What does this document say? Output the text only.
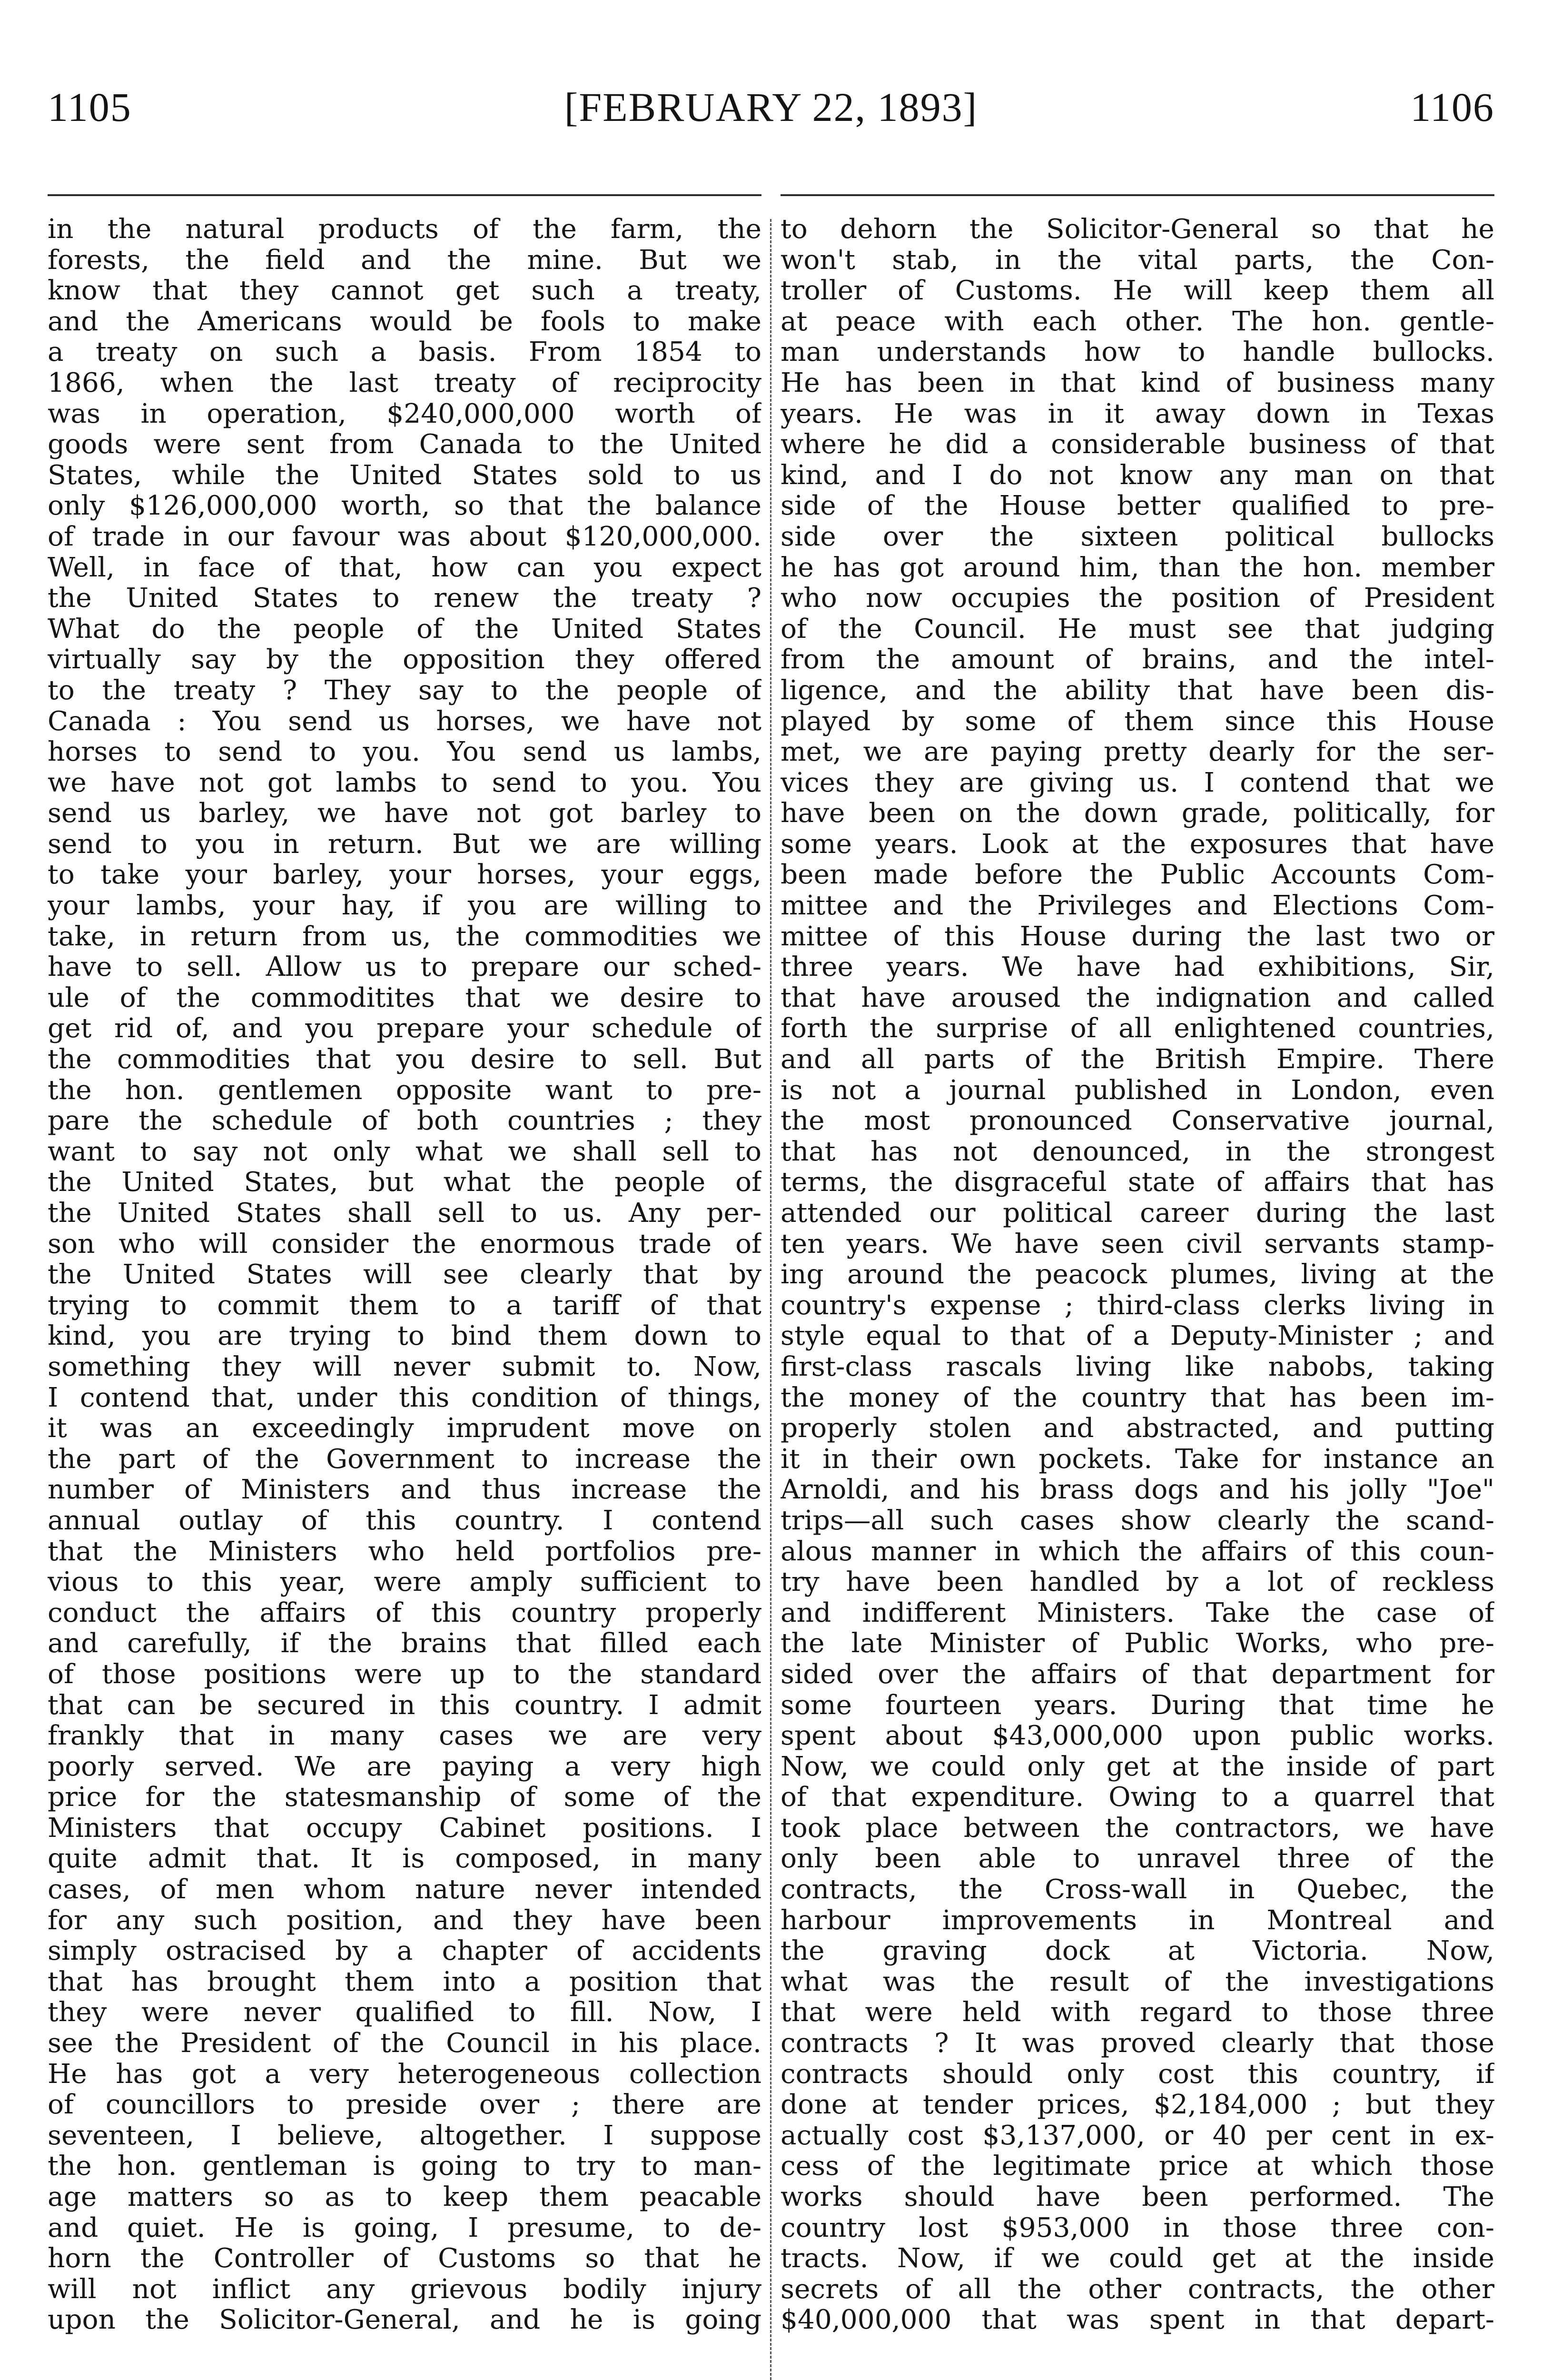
1105	[FEBRUARY 22, 1893]	1106
in the natural products of the farm, the
forests, the field and the mine. But we
know that they cannot get such a treaty,
and the Americans would be fools to make
a treaty on such a basis. From 1854 to
1866, when the last treaty of reciprocity
was in operation, $240,000,000 worth of
goods were sent from Canada to the United
States, while the United States sold to us
only $126,000,000 worth, so that the balance
of trade in our favour was about $120,000,000.
Well, in face of that, how can you expect
the United States to renew the treaty ?
What do the people of the United States
virtually say by the opposition they offered
to the treaty ? They say to the people of
Canada : You send us horses, we have not
horses to send to you. You send us lambs,
we have not got lambs to send to you. You
send us barley, we have not got barley to
send to you in return. But we are willing
to take your barley, your horses, your eggs,
your lambs, your hay, if you are willing to
take, in return from us, the commodities we
have to sell. Allow us to prepare our sched-
ule of the commoditites that we desire to
get rid of, and you prepare your schedule of
the commodities that you desire to sell. But
the hon. gentlemen opposite want to pre-
pare the schedule of both countries ; they
want to say not only what we shall sell to
the United States, but what the people of
the United States shall sell to us. Any per-
son who will consider the enormous trade of
the United States will see clearly that by
trying to commit them to a tariff of that
kind, you are trying to bind them down to
something they will never submit to. Now,
I contend that, under this condition of things,
it was an exceedingly imprudent move on
the part of the Government to increase the
number of Ministers and thus increase the
annual outlay of this country. I contend
that the Ministers who held portfolios pre-
vious to this year, were amply sufficient to
conduct the affairs of this country properly
and carefully, if the brains that filled each
of those positions were up to the standard
that can be secured in this country. I admit
frankly that in many cases we are very
poorly served. We are paying a very high
price for the statesmanship of some of the
Ministers that occupy Cabinet positions. I
quite admit that. It is composed, in many
cases, of men whom nature never intended
for any such position, and they have been
simply ostracised by a chapter of accidents
that has brought them into a position that
they were never qualified to fill. Now, I
see the President of the Council in his place.
He has got a very heterogeneous collection
of councillors to preside over ; there are
seventeen, I believe, altogether. I suppose
the hon. gentleman is going to try to man-
age matters so as to keep them peacable
and quiet. He is going, I presume, to de-
horn the Controller of Customs so that he
will not inflict any grievous bodily injury
upon the Solicitor-General, and he is going
to dehorn the Solicitor-General so that he
won't stab, in the vital parts, the Con-
troller of Customs. He will keep them all
at peace with each other. The hon. gentle-
man understands how to handle bullocks.
He has been in that kind of business many
years. He was in it away down in Texas
where he did a considerable business of that
kind, and I do not know any man on that
side of the House better qualified to pre-
side over the sixteen political bullocks
he has got around him, than the hon. member
who now occupies the position of President
of the Council. He must see that judging
from the amount of brains, and the intel-
ligence, and the ability that have been dis-
played by some of them since this House
met, we are paying pretty dearly for the ser-
vices they are giving us. I contend that we
have been on the down grade, politically, for
some years. Look at the exposures that have
been made before the Public Accounts Com-
mittee and the Privileges and Elections Com-
mittee of this House during the last two or
three years. We have had exhibitions, Sir,
that have aroused the indignation and called
forth the surprise of all enlightened countries,
and all parts of the British Empire. There
is not a journal published in London, even
the most pronounced Conservative journal,
that has not denounced, in the strongest
terms, the disgraceful state of affairs that has
attended our political career during the last
ten years. We have seen civil servants stamp-
ing around the peacock plumes, living at the
country's expense ; third-class clerks living in
style equal to that of a Deputy-Minister ; and
first-class rascals living like nabobs, taking
the money of the country that has been im-
properly stolen and abstracted, and putting
it in their own pockets. Take for instance an
Arnoldi, and his brass dogs and his jolly "Joe"
trips—all such cases show clearly the scand-
alous manner in which the affairs of this coun-
try have been handled by a lot of reckless
and indifferent Ministers. Take the case of
the late Minister of Public Works, who pre-
sided over the affairs of that department for
some fourteen years. During that time he
spent about $43,000,000 upon public works.
Now, we could only get at the inside of part
of that expenditure. Owing to a quarrel that
took place between the contractors, we have
only been able to unravel three of the
contracts, the Cross-wall in Quebec, the
harbour improvements in Montreal and
the graving dock at Victoria. Now,
what was the result of the investigations
that were held with regard to those three
contracts ? It was proved clearly that those
contracts should only cost this country, if
done at tender prices, $2,184,000 ; but they
actually cost $3,137,000, or 40 per cent in ex-
cess of the legitimate price at which those
works should have been performed. The
country lost $953,000 in those three con-
tracts. Now, if we could get at the inside
secrets of all the other contracts, the other
$40,000,000 that was spent in that depart-
